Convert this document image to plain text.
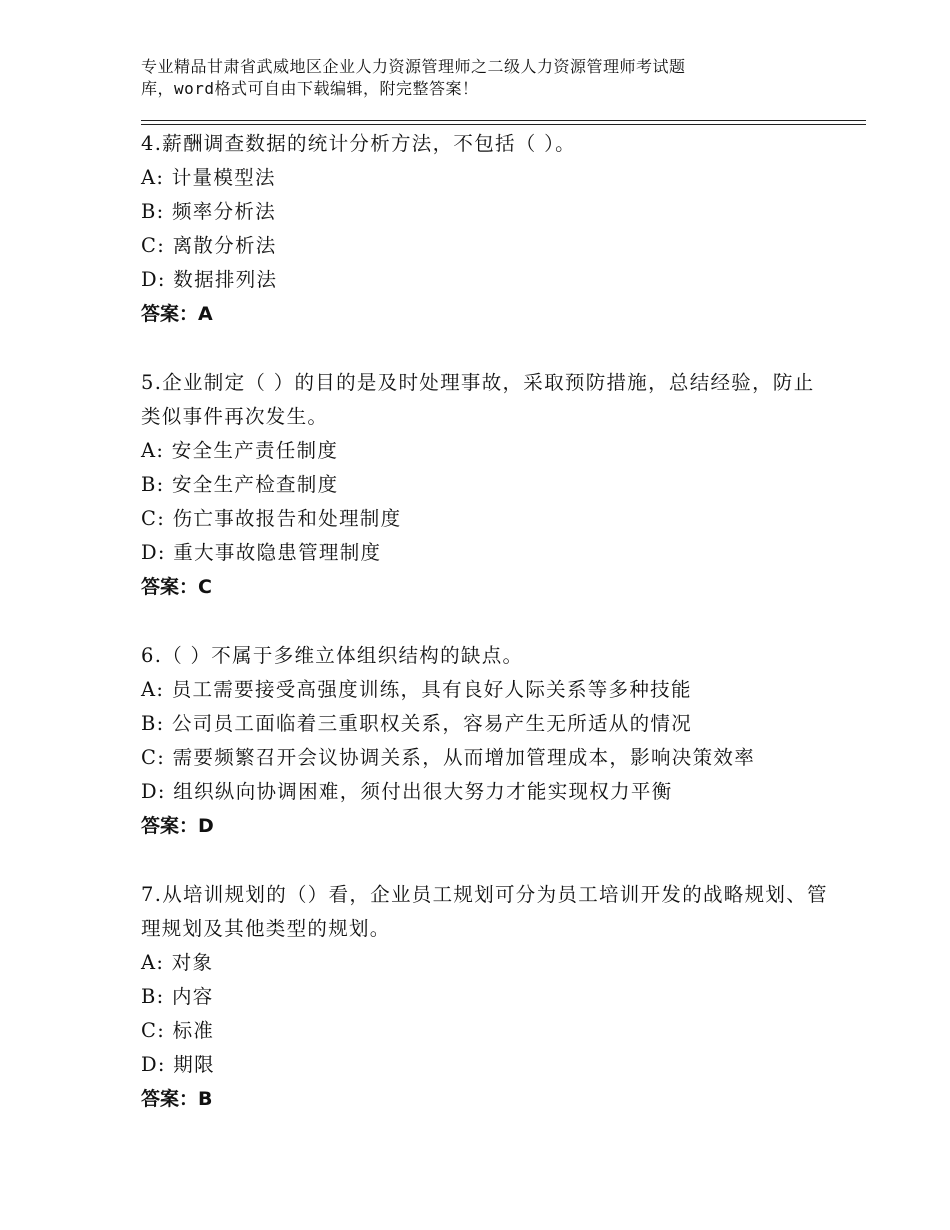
专业精品甘肃省武威地区企业人力资源管理师之二级人力资源管理师考试题
库，word格式可自由下载编辑，附完整答案！

4.薪酬调查数据的统计分析方法，不包括（ ）。

A: 计量模型法

B: 频率分析法

C: 离散分析法

D: 数据排列法

答案：A

5.企业制定（ ）的目的是及时处理事故，采取预防措施，总结经验，防止类似事件再次发生。

A: 安全生产责任制度

B: 安全生产检查制度

C: 伤亡事故报告和处理制度

D: 重大事故隐患管理制度

答案：C

6.（ ）不属于多维立体组织结构的缺点。

A: 员工需要接受高强度训练，具有良好人际关系等多种技能

B: 公司员工面临着三重职权关系，容易产生无所适从的情况

C: 需要频繁召开会议协调关系，从而增加管理成本，影响决策效率

D: 组织纵向协调困难，须付出很大努力才能实现权力平衡

答案：D

7.从培训规划的（）看，企业员工规划可分为员工培训开发的战略规划、管理规划及其他类型的规划。

A: 对象

B: 内容

C: 标准

D: 期限

答案：B
